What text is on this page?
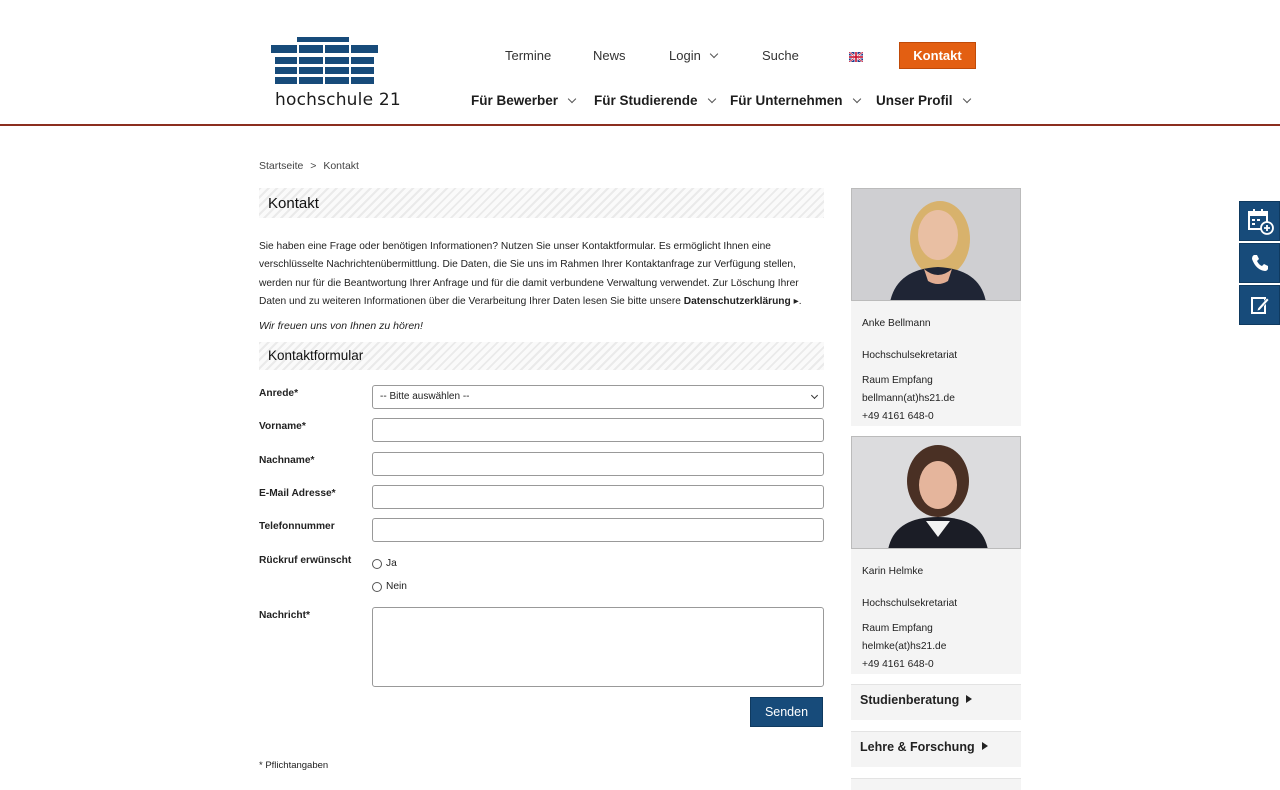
hochschule 21
Termine	News	Login	Suche	Kontakt
Für Bewerber	Für Studierende	Für Unternehmen	Unser Profil
Startseite > Kontakt
Kontakt
Sie haben eine Frage oder benötigen Informationen? Nutzen Sie unser Kontaktformular. Es ermöglicht Ihnen eine verschlüsselte Nachrichtenübermittlung. Die Daten, die Sie uns im Rahmen Ihrer Kontaktanfrage zur Verfügung stellen, werden nur für die Beantwortung Ihrer Anfrage und für die damit verbundene Verwaltung verwendet. Zur Löschung Ihrer Daten und zu weiteren Informationen über die Verarbeitung Ihrer Daten lesen Sie bitte unsere Datenschutzerklärung ▸.
Wir freuen uns von Ihnen zu hören!
Kontaktformular
Anrede*	-- Bitte auswählen --
Vorname*
Nachname*
E-Mail Adresse*
Telefonnummer
Rückruf erwünscht	Ja
Nein
Nachricht*
Senden
* Pflichtangaben
Anke Bellmann
Hochschulsekretariat
Raum Empfang
bellmann(at)hs21.de
+49 4161 648-0
Karin Helmke
Hochschulsekretariat
Raum Empfang
helmke(at)hs21.de
+49 4161 648-0
Studienberatung
Lehre & Forschung
